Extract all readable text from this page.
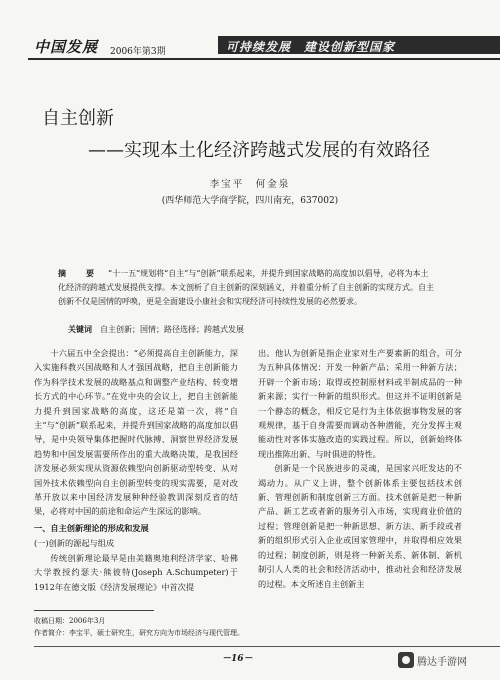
中国发展 2006年第3期	可持续发展　建设创新型国家
自主创新
——实现本土化经济跨越式发展的有效路径
李宝平　何金泉
(西华师范大学商学院，四川南充，637002)
摘　要 “十一五”规划将“自主”与“创新”联系起来，并提升到国家战略的高度加以倡导，必将为本土化经济的跨越式发展提供支撑。本文剖析了自主创新的深刻涵义，并着重分析了自主创新的实现方式。自主创新不仅是国情的呼唤，更是全面建设小康社会和实现经济可持续性发展的必然要求。
关键词 自主创新；国情；路径选择；跨越式发展

十六届五中全会提出：“必须提高自主创新能力，深入实施科教兴国战略和人才强国战略，把自主创新能力作为科学技术发展的战略基点和调整产业结构、转变增长方式的中心环节。”在党中央的会议上，把自主创新能力提升到国家战略的高度，这还是第一次，将“自主”与“创新”联系起来，并提升到国家战略的高度加以倡导，是中央领导集体把握时代脉搏、洞察世界经济发展趋势和中国发展需要所作出的重大战略决策，是我国经济发展必须实现从资源依赖型向创新驱动型转变、从对国外技术依赖型向自主创新型转变的现实需要，是对改革开放以来中国经济发展种种经验教训深刻反省的结果，必将对中国的前途和命运产生深远的影响。

一、自主创新理论的形成和发展

(一)创新的源起与组成

传统创新理论最早是由美籍奥地利经济学家、哈佛大学教授约瑟夫·熊彼特(Joseph A.Schumpeter)于1912年在德文版《经济发展理论》中首次提

出。他认为创新是指企业家对生产要素新的组合，可分为五种具体情况：开发一种新产品；采用一种新方法；开辟一个新市场；取得或控制原材料或半制成品的一种新来源；实行一种新的组织形式。但这并不证明创新是一个静态的概念，相反它是行为主体依据事物发展的客观规律，基于自身需要而调动各种潜能，充分发挥主观能动性对客体实施改造的实践过程。所以，创新始终体现出推陈出新、与时俱进的特性。

创新是一个民族进步的灵魂，是国家兴旺发达的不竭动力。从广义上讲，整个创新体系主要包括技术创新、管理创新和制度创新三方面。技术创新是把一种新产品、新工艺或者新的服务引入市场，实现商业价值的过程；管理创新是把一种新思想、新方法、新手段或者新的组织形式引入企业或国家管理中，并取得相应效果的过程；制度创新，则是将一种新关系、新体制、新机制引人人类的社会和经济活动中，推动社会和经济发展的过程。本文所述自主创新主

收稿日期：2006年3月
作者简介：李宝平，硕士研究生，研究方向为市场经济与现代管理。
－16－	腾达手游网
